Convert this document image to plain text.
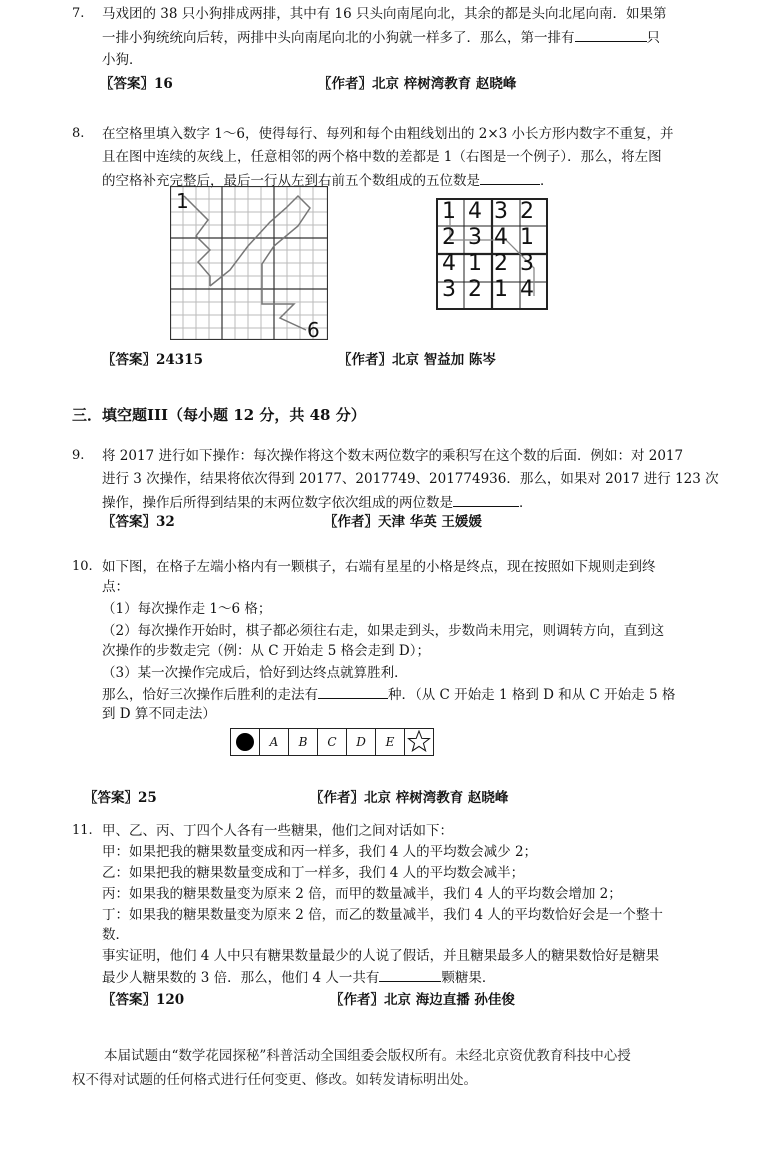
7. 马戏团的 38 只小狗排成两排，其中有 16 只头向南尾向北，其余的都是头向北尾向南．如果第
一排小狗统统向后转，两排中头向南尾向北的小狗就一样多了．那么，第一排有	只
小狗．
〖答案〗16	〖作者〗北京 梓树湾教育 赵晓峰
8. 在空格里填入数字 1～6，使得每行、每列和每个由粗线划出的 2×3 小长方形内数字不重复，并
且在图中连续的灰线上，任意相邻的两个格中数的差都是 1（右图是一个例子）．那么，将左图
的空格补充完整后，最后一行从左到右前五个数组成的五位数是	．
1
6
1	4	3	2
2	3	4	1
4	1	2	3
3	2	1	4
〖答案〗24315	〖作者〗北京 智益加 陈岑
三．填空题III（每小题 12 分，共 48 分）
9. 将 2017 进行如下操作：每次操作将这个数末两位数字的乘积写在这个数的后面．例如：对 2017
进行 3 次操作，结果将依次得到 20177、2017749、201774936．那么，如果对 2017 进行 123 次
操作，操作后所得到结果的末两位数字依次组成的两位数是	．
〖答案〗32	〖作者〗天津 华英 王媛媛
10. 如下图，在格子左端小格内有一颗棋子，右端有星星的小格是终点，现在按照如下规则走到终
点：
（1）每次操作走 1～6 格；
（2）每次操作开始时，棋子都必须往右走，如果走到头，步数尚未用完，则调转方向，直到这
次操作的步数走完（例：从 C 开始走 5 格会走到 D）；
（3）某一次操作完成后，恰好到达终点就算胜利．
那么，恰好三次操作后胜利的走法有	种．（从 C 开始走 1 格到 D 和从 C 开始走 5 格
到 D 算不同走法）
	A	B	C	D	E	
〖答案〗25	〖作者〗北京 梓树湾教育 赵晓峰
11. 甲、乙、丙、丁四个人各有一些糖果，他们之间对话如下：
甲：如果把我的糖果数量变成和丙一样多，我们 4 人的平均数会减少 2；
乙：如果把我的糖果数量变成和丁一样多，我们 4 人的平均数会减半；
丙：如果我的糖果数量变为原来 2 倍，而甲的数量减半，我们 4 人的平均数会增加 2；
丁：如果我的糖果数量变为原来 2 倍，而乙的数量减半，我们 4 人的平均数恰好会是一个整十
数．
事实证明，他们 4 人中只有糖果数量最少的人说了假话，并且糖果最多人的糖果数恰好是糖果
最少人糖果数的 3 倍．那么，他们 4 人一共有	颗糖果．
〖答案〗120	〖作者〗北京 海边直播 孙佳俊
本届试题由“数学花园探秘”科普活动全国组委会版权所有。未经北京资优教育科技中心授
权不得对试题的任何格式进行任何变更、修改。如转发请标明出处。
